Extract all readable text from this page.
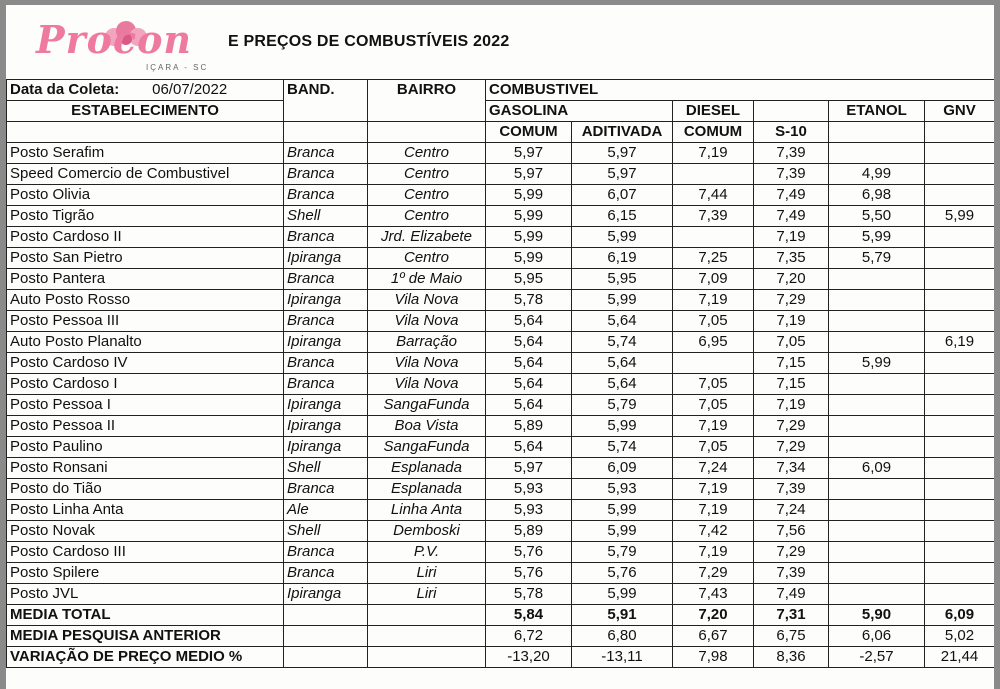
Procon
IÇARA - SC
E PREÇOS DE COMBUSTÍVEIS 2022
Data da Coleta: 06/07/2022	BAND.	BAIRRO	COMBUSTIVEL					
ESTABELECIMENTO			GASOLINA		DIESEL		ETANOL	GNV
			COMUM	ADITIVADA	COMUM	S-10		
Posto Serafim	Branca	Centro	5,97	5,97	7,19	7,39		
Speed Comercio de Combustivel	Branca	Centro	5,97	5,97		7,39	4,99	
Posto Olivia	Branca	Centro	5,99	6,07	7,44	7,49	6,98	
Posto Tigrão	Shell	Centro	5,99	6,15	7,39	7,49	5,50	5,99
Posto Cardoso II	Branca	Jrd. Elizabete	5,99	5,99		7,19	5,99	
Posto San Pietro	Ipiranga	Centro	5,99	6,19	7,25	7,35	5,79	
Posto Pantera	Branca	1º de Maio	5,95	5,95	7,09	7,20		
Auto Posto Rosso	Ipiranga	Vila Nova	5,78	5,99	7,19	7,29		
Posto Pessoa III	Branca	Vila Nova	5,64	5,64	7,05	7,19		
Auto Posto Planalto	Ipiranga	Barração	5,64	5,74	6,95	7,05		6,19
Posto Cardoso IV	Branca	Vila Nova	5,64	5,64		7,15	5,99	
Posto Cardoso I	Branca	Vila Nova	5,64	5,64	7,05	7,15		
Posto Pessoa I	Ipiranga	SangaFunda	5,64	5,79	7,05	7,19		
Posto Pessoa II	Ipiranga	Boa Vista	5,89	5,99	7,19	7,29		
Posto Paulino	Ipiranga	SangaFunda	5,64	5,74	7,05	7,29		
Posto Ronsani	Shell	Esplanada	5,97	6,09	7,24	7,34	6,09	
Posto do Tião	Branca	Esplanada	5,93	5,93	7,19	7,39		
Posto Linha Anta	Ale	Linha Anta	5,93	5,99	7,19	7,24		
Posto Novak	Shell	Demboski	5,89	5,99	7,42	7,56		
Posto Cardoso III	Branca	P.V.	5,76	5,79	7,19	7,29		
Posto Spilere	Branca	Liri	5,76	5,76	7,29	7,39		
Posto JVL	Ipiranga	Liri	5,78	5,99	7,43	7,49		
MEDIA TOTAL			5,84	5,91	7,20	7,31	5,90	6,09
MEDIA PESQUISA ANTERIOR			6,72	6,80	6,67	6,75	6,06	5,02
VARIAÇÃO DE PREÇO MEDIO %			-13,20	-13,11	7,98	8,36	-2,57	21,44
